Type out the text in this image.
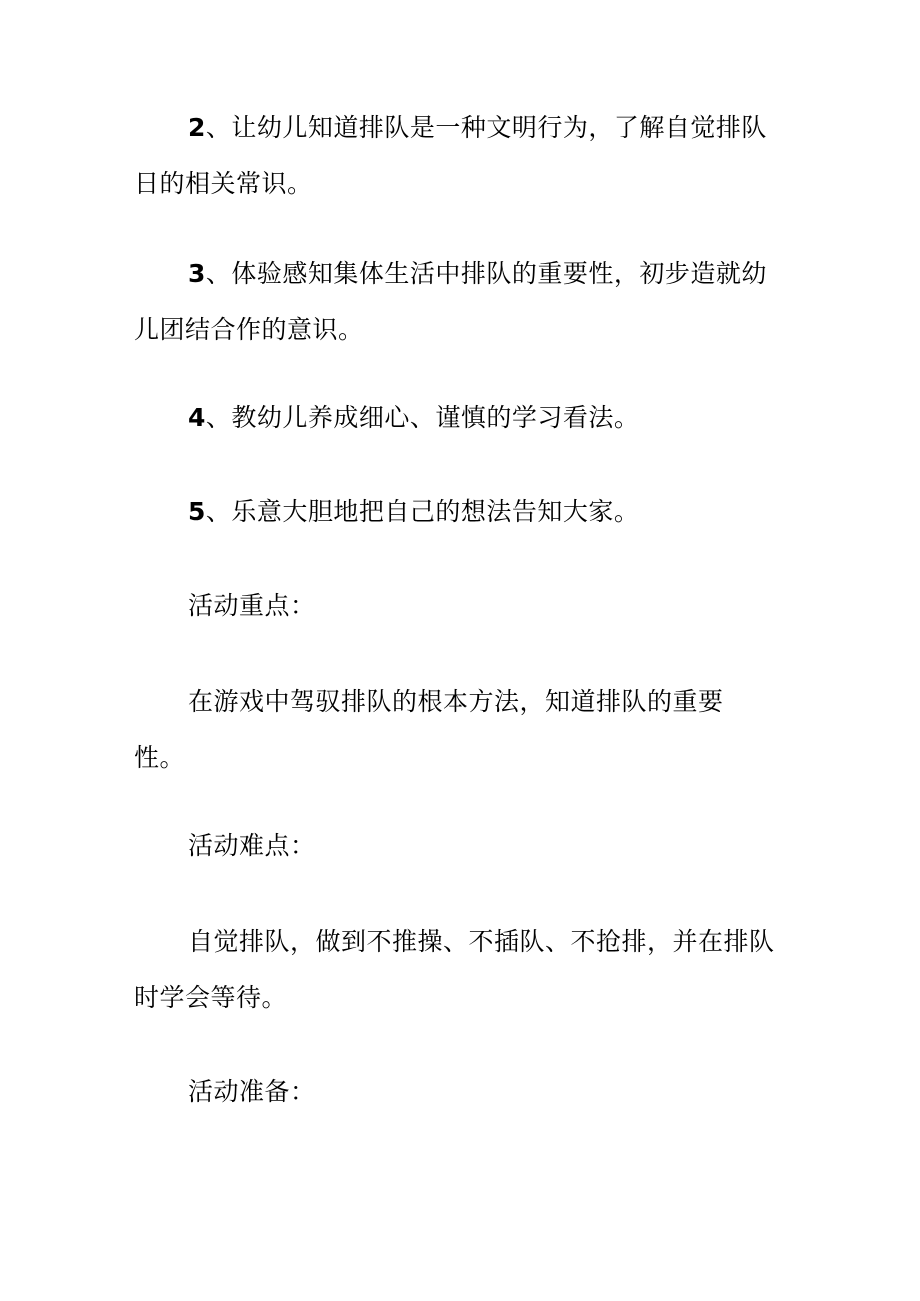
2、让幼儿知道排队是一种文明行为，了解自觉排队日的相关常识。

3、体验感知集体生活中排队的重要性，初步造就幼儿团结合作的意识。

4、教幼儿养成细心、谨慎的学习看法。

5、乐意大胆地把自己的想法告知大家。

活动重点：

在游戏中驾驭排队的根本方法，知道排队的重要性。

活动难点：

自觉排队，做到不推操、不插队、不抢排，并在排队时学会等待。

活动准备：
